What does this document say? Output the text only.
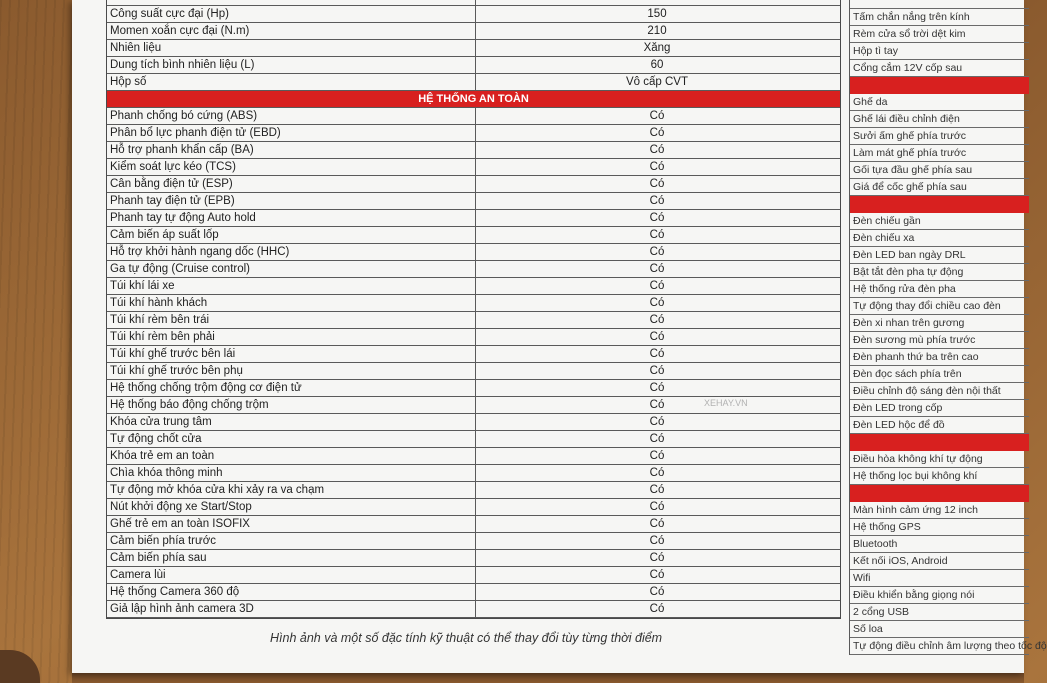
Công suất cực đại (Hp)	150
Momen xoắn cực đại (N.m)	210
Nhiên liệu	Xăng
Dung tích bình nhiên liệu (L)	60
Hộp số	Vô cấp CVT
HỆ THỐNG AN TOÀN
Phanh chống bó cứng (ABS)	Có
Phân bổ lực phanh điện tử (EBD)	Có
Hỗ trợ phanh khẩn cấp (BA)	Có
Kiểm soát lực kéo (TCS)	Có
Cân bằng điện tử (ESP)	Có
Phanh tay điện tử (EPB)	Có
Phanh tay tự động Auto hold	Có
Cảm biến áp suất lốp	Có
Hỗ trợ khởi hành ngang dốc (HHC)	Có
Ga tự động (Cruise control)	Có
Túi khí lái xe	Có
Túi khí hành khách	Có
Túi khí rèm bên trái	Có
Túi khí rèm bên phải	Có
Túi khí ghế trước bên lái	Có
Túi khí ghế trước bên phụ	Có
Hệ thống chống trộm động cơ điện tử	Có
Hệ thống báo động chống trộm	Có
Khóa cửa trung tâm	Có
Tự động chốt cửa	Có
Khóa trẻ em an toàn	Có
Chìa khóa thông minh	Có
Tự động mở khóa cửa khi xảy ra va chạm	Có
Nút khởi động xe Start/Stop	Có
Ghế trẻ em an toàn ISOFIX	Có
Cảm biến phía trước	Có
Cảm biến phía sau	Có
Camera lùi	Có
Hệ thống Camera 360 độ	Có
Giả lập hình ảnh camera 3D	Có
Tấm chắn nắng trên kính
Rèm cửa sổ trời dệt kim
Hộp tì tay
Cổng cắm 12V cốp sau
Ghế da
Ghế lái điều chỉnh điện
Sưởi ấm ghế phía trước
Làm mát ghế phía trước
Gối tựa đầu ghế phía sau
Giá để cốc ghế phía sau
Đèn chiếu gần
Đèn chiếu xa
Đèn LED ban ngày DRL
Bật tắt đèn pha tự động
Hệ thống rửa đèn pha
Tự động thay đổi chiều cao đèn
Đèn xi nhan trên gương
Đèn sương mù phía trước
Đèn phanh thứ ba trên cao
Đèn đọc sách phía trên
Điều chỉnh độ sáng đèn nội thất
Đèn LED trong cốp
Đèn LED hộc để đồ
Điều hòa không khí tự động
Hệ thống lọc bụi không khí
Màn hình cảm ứng 12 inch
Hệ thống GPS
Bluetooth
Kết nối iOS, Android
Wifi
Điều khiển bằng giọng nói
2 cổng USB
Số loa
Tự động điều chỉnh âm lượng theo tốc độ
XEHAY.VN
Hình ảnh và một số đặc tính kỹ thuật có thể thay đổi tùy từng thời điểm
